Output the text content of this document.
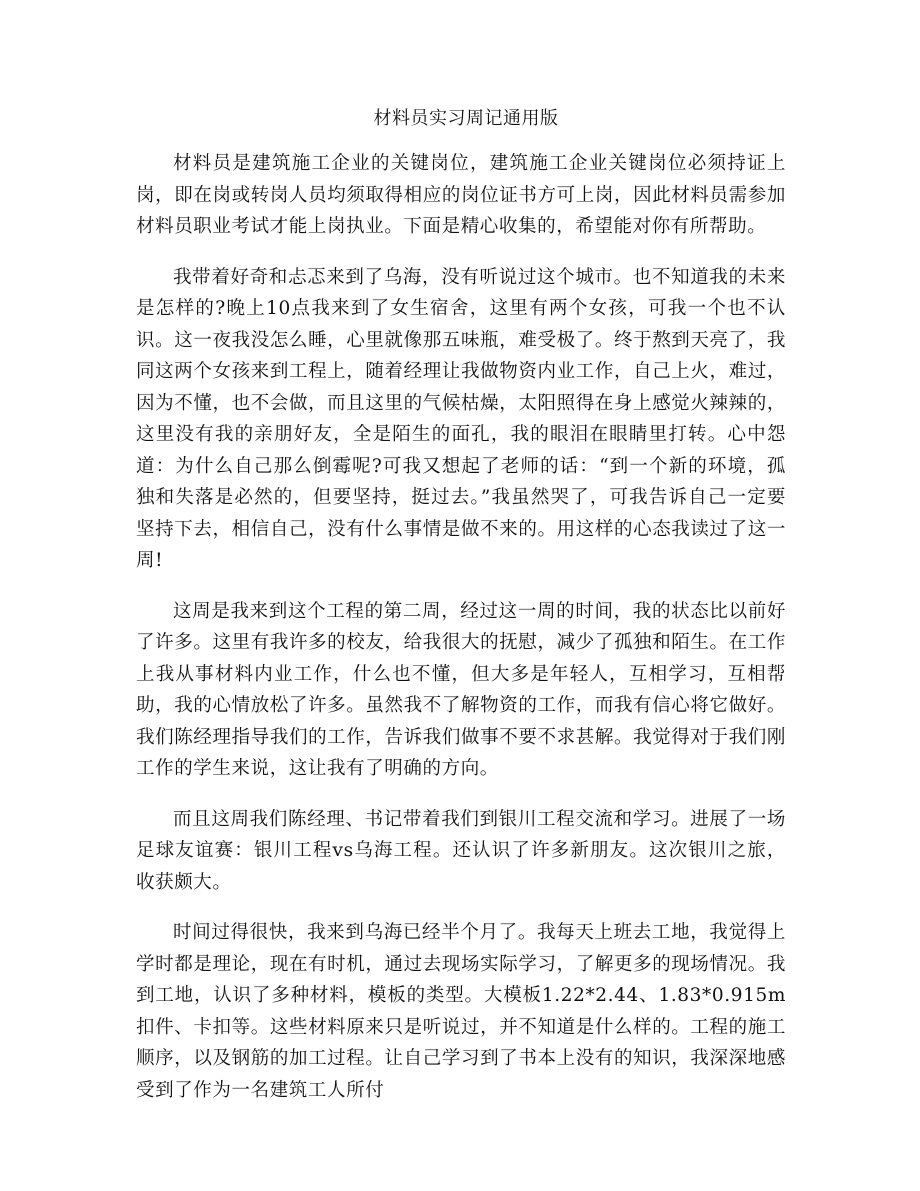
材料员实习周记通用版

材料员是建筑施工企业的关键岗位，建筑施工企业关键岗位必须持证上岗，即在岗或转岗人员均须取得相应的岗位证书方可上岗，因此材料员需参加材料员职业考试才能上岗执业。下面是精心收集的，希望能对你有所帮助。

我带着好奇和忐忑来到了乌海，没有听说过这个城市。也不知道我的未来是怎样的?晚上10点我来到了女生宿舍，这里有两个女孩，可我一个也不认识。这一夜我没怎么睡，心里就像那五味瓶，难受极了。终于熬到天亮了，我同这两个女孩来到工程上，随着经理让我做物资内业工作，自己上火，难过，因为不懂，也不会做，而且这里的气候枯燥，太阳照得在身上感觉火辣辣的，这里没有我的亲朋好友，全是陌生的面孔，我的眼泪在眼睛里打转。心中怨道：为什么自己那么倒霉呢?可我又想起了老师的话：“到一个新的环境，孤独和失落是必然的，但要坚持，挺过去。”我虽然哭了，可我告诉自己一定要坚持下去，相信自己，没有什么事情是做不来的。用这样的心态我读过了这一周!

这周是我来到这个工程的第二周，经过这一周的时间，我的状态比以前好了许多。这里有我许多的校友，给我很大的抚慰，减少了孤独和陌生。在工作上我从事材料内业工作，什么也不懂，但大多是年轻人，互相学习，互相帮助，我的心情放松了许多。虽然我不了解物资的工作，而我有信心将它做好。我们陈经理指导我们的工作，告诉我们做事不要不求甚解。我觉得对于我们刚工作的学生来说，这让我有了明确的方向。

而且这周我们陈经理、书记带着我们到银川工程交流和学习。进展了一场足球友谊赛：银川工程vs乌海工程。还认识了许多新朋友。这次银川之旅，收获颇大。

时间过得很快，我来到乌海已经半个月了。我每天上班去工地，我觉得上学时都是理论，现在有时机，通过去现场实际学习，了解更多的现场情况。我到工地，认识了多种材料，模板的类型。大模板1.22*2.44、1.83*0.915m扣件、卡扣等。这些材料原来只是听说过，并不知道是什么样的。工程的施工顺序，以及钢筋的加工过程。让自己学习到了书本上没有的知识，我深深地感受到了作为一名建筑工人所付
